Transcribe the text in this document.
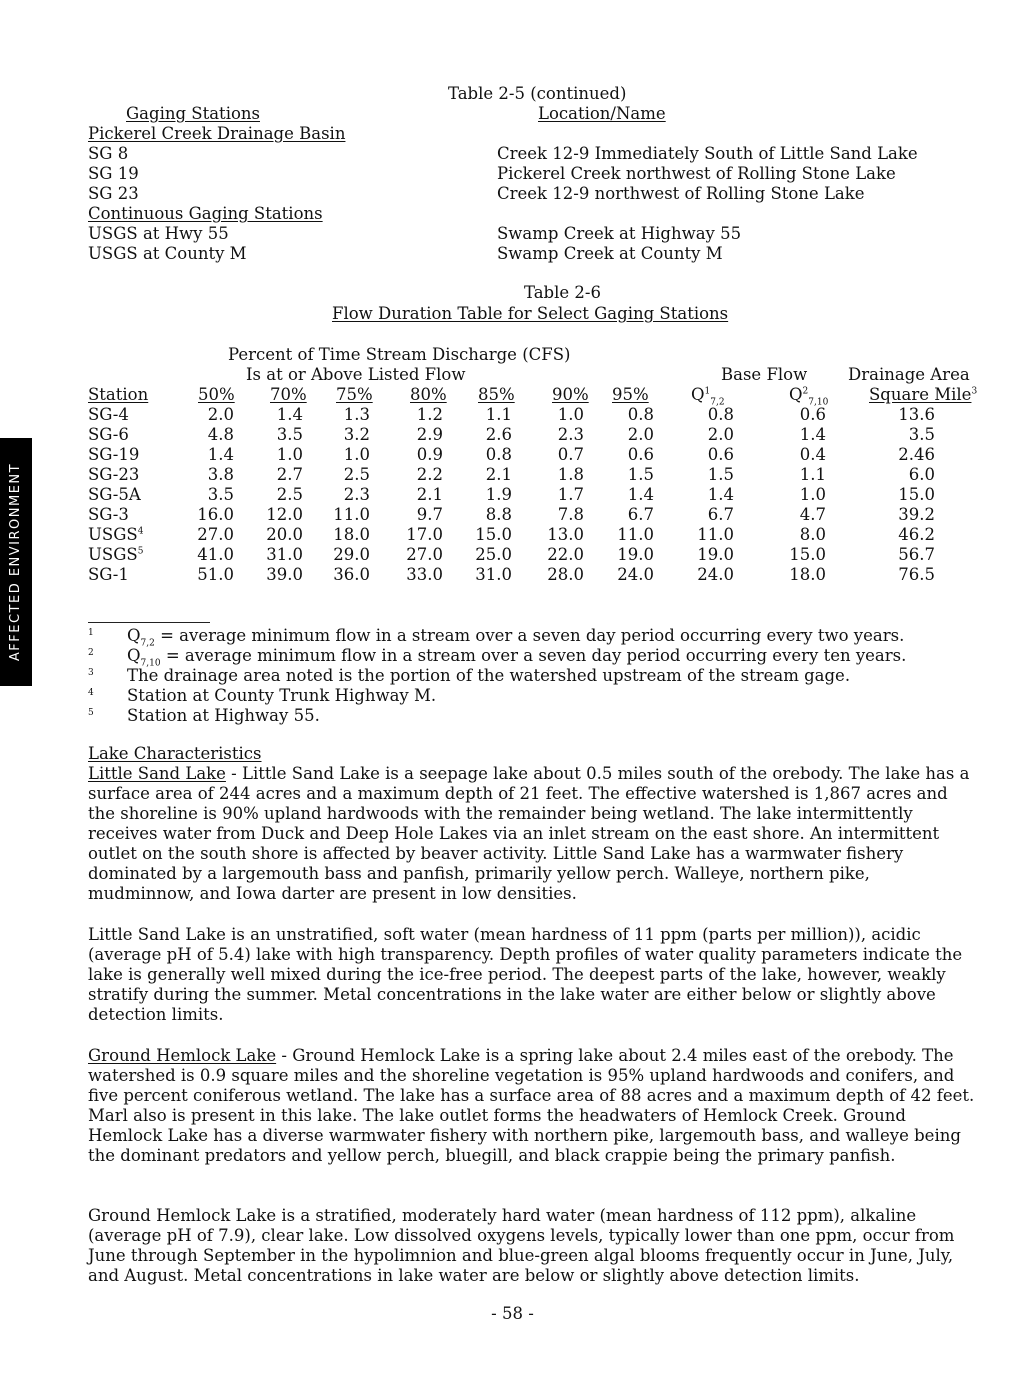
AFFECTED ENVIRONMENT
Table 2-5 (continued)
Gaging Stations	Location/Name
Pickerel Creek Drainage Basin
SG 8	Creek 12-9 Immediately South of Little Sand Lake
SG 19	Pickerel Creek northwest of Rolling Stone Lake
SG 23	Creek 12-9 northwest of Rolling Stone Lake
Continuous Gaging Stations
USGS at Hwy 55	Swamp Creek at Highway 55
USGS at County M	Swamp Creek at County M
Table 2-6
Flow Duration Table for Select Gaging Stations
Percent of Time Stream Discharge (CFS)
Is at or Above Listed Flow	Base Flow Drainage Area
Station	50% 70% 75% 80% 85% 90% 95%	$Q^1_{7,2}$	$Q^2_{7,10}$ Square Mile$^3$
SG-4	2.0	1.4 1.3	1.2	1.1	1.0	0.8	0.8	0.6	13.6
SG-6	4.8	3.5 3.2	2.9	2.6	2.3	2.0	2.0	1.4	3.5
SG-19	1.4	1.0 1.0	0.9	0.8	0.7	0.6	0.6	0.4	2.46
SG-23	3.8	2.7 2.5	2.2	2.1	1.8	1.5	1.5	1.1	6.0
SG-5A	3.5	2.5 2.3	2.1	1.9	1.7	1.4	1.4	1.0	15.0
SG-3	16.0 12.0 11.0	9.7	8.8	7.8	6.7	6.7	4.7	39.2
USGS$^4$	27.0 20.0 18.0 17.0 15.0 13.0 11.0	11.0	8.0	46.2
USGS$^5$	41.0 31.0 29.0 27.0 25.0 22.0 19.0	19.0	15.0	56.7
SG-1	51.0 39.0 36.0 33.0 31.0 28.0 24.0	24.0	18.0	76.5
1 $Q_{7,2}$ = average minimum flow in a stream over a seven day period occurring every two years.
2 $Q_{7,10}$ = average minimum flow in a stream over a seven day period occurring every ten years.
3 The drainage area noted is the portion of the watershed upstream of the stream gage.
4 Station at County Trunk Highway M.
5 Station at Highway 55.
Lake Characteristics

Little Sand Lake - Little Sand Lake is a seepage lake about 0.5 miles south of the orebody. The lake has a surface area of 244 acres and a maximum depth of 21 feet. The effective watershed is 1,867 acres and the shoreline is 90% upland hardwoods with the remainder being wetland. The lake intermittently receives water from Duck and Deep Hole Lakes via an inlet stream on the east shore. An intermittent outlet on the south shore is affected by beaver activity. Little Sand Lake has a warmwater fishery dominated by a largemouth bass and panfish, primarily yellow perch. Walleye, northern pike, mudminnow, and Iowa darter are present in low densities.

Little Sand Lake is an unstratified, soft water (mean hardness of 11 ppm (parts per million)), acidic (average pH of 5.4) lake with high transparency. Depth profiles of water quality parameters indicate the lake is generally well mixed during the ice-free period. The deepest parts of the lake, however, weakly stratify during the summer. Metal concentrations in the lake water are either below or slightly above detection limits.

Ground Hemlock Lake - Ground Hemlock Lake is a spring lake about 2.4 miles east of the orebody. The watershed is 0.9 square miles and the shoreline vegetation is 95% upland hardwoods and conifers, and five percent coniferous wetland. The lake has a surface area of 88 acres and a maximum depth of 42 feet. Marl also is present in this lake. The lake outlet forms the headwaters of Hemlock Creek. Ground Hemlock Lake has a diverse warmwater fishery with northern pike, largemouth bass, and walleye being the dominant predators and yellow perch, bluegill, and black crappie being the primary panfish.

Ground Hemlock Lake is a stratified, moderately hard water (mean hardness of 112 ppm), alkaline (average pH of 7.9), clear lake. Low dissolved oxygens levels, typically lower than one ppm, occur from June through September in the hypolimnion and blue-green algal blooms frequently occur in June, July, and August. Metal concentrations in lake water are below or slightly above detection limits.

- 58 -
